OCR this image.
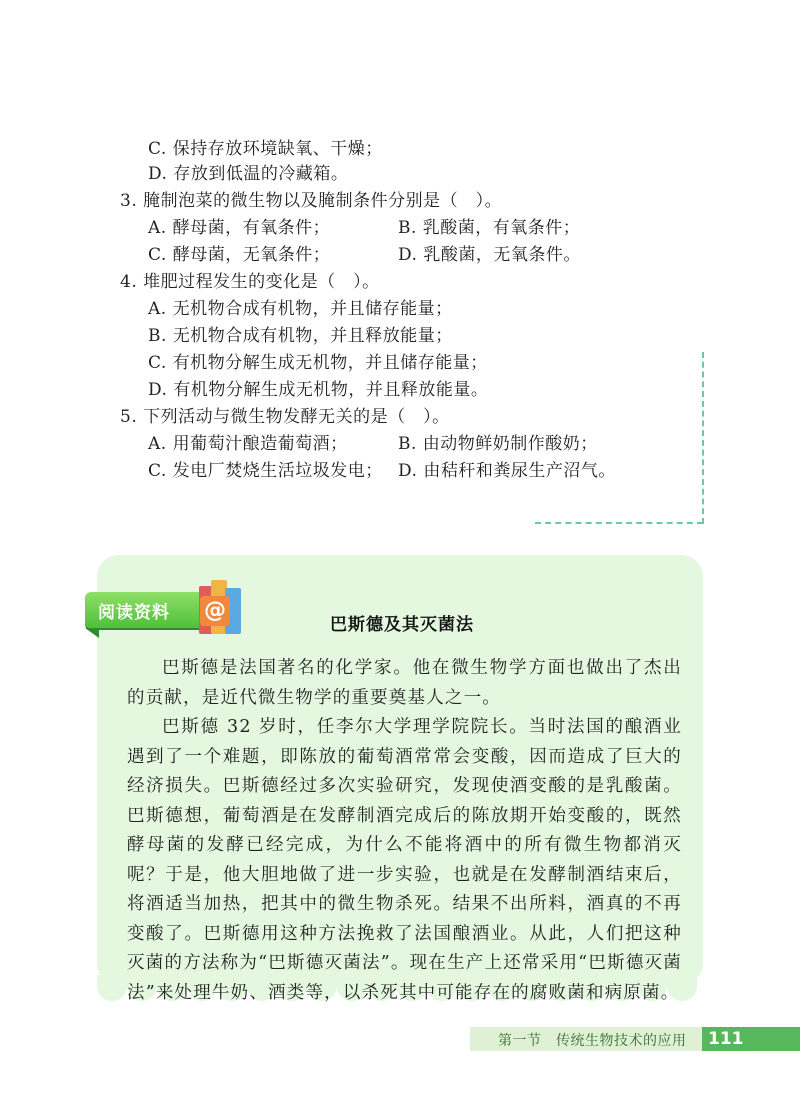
C. 保持存放环境缺氧、干燥；
D. 存放到低温的冷藏箱。
3. 腌制泡菜的微生物以及腌制条件分别是（　）。
A. 酵母菌，有氧条件；	B. 乳酸菌，有氧条件；
C. 酵母菌，无氧条件；	D. 乳酸菌，无氧条件。
4. 堆肥过程发生的变化是（　）。
A. 无机物合成有机物，并且储存能量；
B. 无机物合成有机物，并且释放能量；
C. 有机物分解生成无机物，并且储存能量；
D. 有机物分解生成无机物，并且释放能量。
5. 下列活动与微生物发酵无关的是（　）。
A. 用葡萄汁酿造葡萄酒；	B. 由动物鲜奶制作酸奶；
C. 发电厂焚烧生活垃圾发电； D. 由秸秆和粪尿生产沼气。
阅读资料 @
巴斯德及其灭菌法
巴斯德是法国著名的化学家。他在微生物学方面也做出了杰出的贡献，是近代微生物学的重要奠基人之一。
巴斯德 32 岁时，任李尔大学理学院院长。当时法国的酿酒业遇到了一个难题，即陈放的葡萄酒常常会变酸，因而造成了巨大的经济损失。巴斯德经过多次实验研究，发现使酒变酸的是乳酸菌。巴斯德想，葡萄酒是在发酵制酒完成后的陈放期开始变酸的，既然酵母菌的发酵已经完成，为什么不能将酒中的所有微生物都消灭呢？于是，他大胆地做了进一步实验，也就是在发酵制酒结束后，将酒适当加热，把其中的微生物杀死。结果不出所料，酒真的不再变酸了。巴斯德用这种方法挽救了法国酿酒业。从此，人们把这种灭菌的方法称为“巴斯德灭菌法”。现在生产上还常采用“巴斯德灭菌法”来处理牛奶、酒类等，以杀死其中可能存在的腐败菌和病原菌。
第一节　传统生物技术的应用 111
